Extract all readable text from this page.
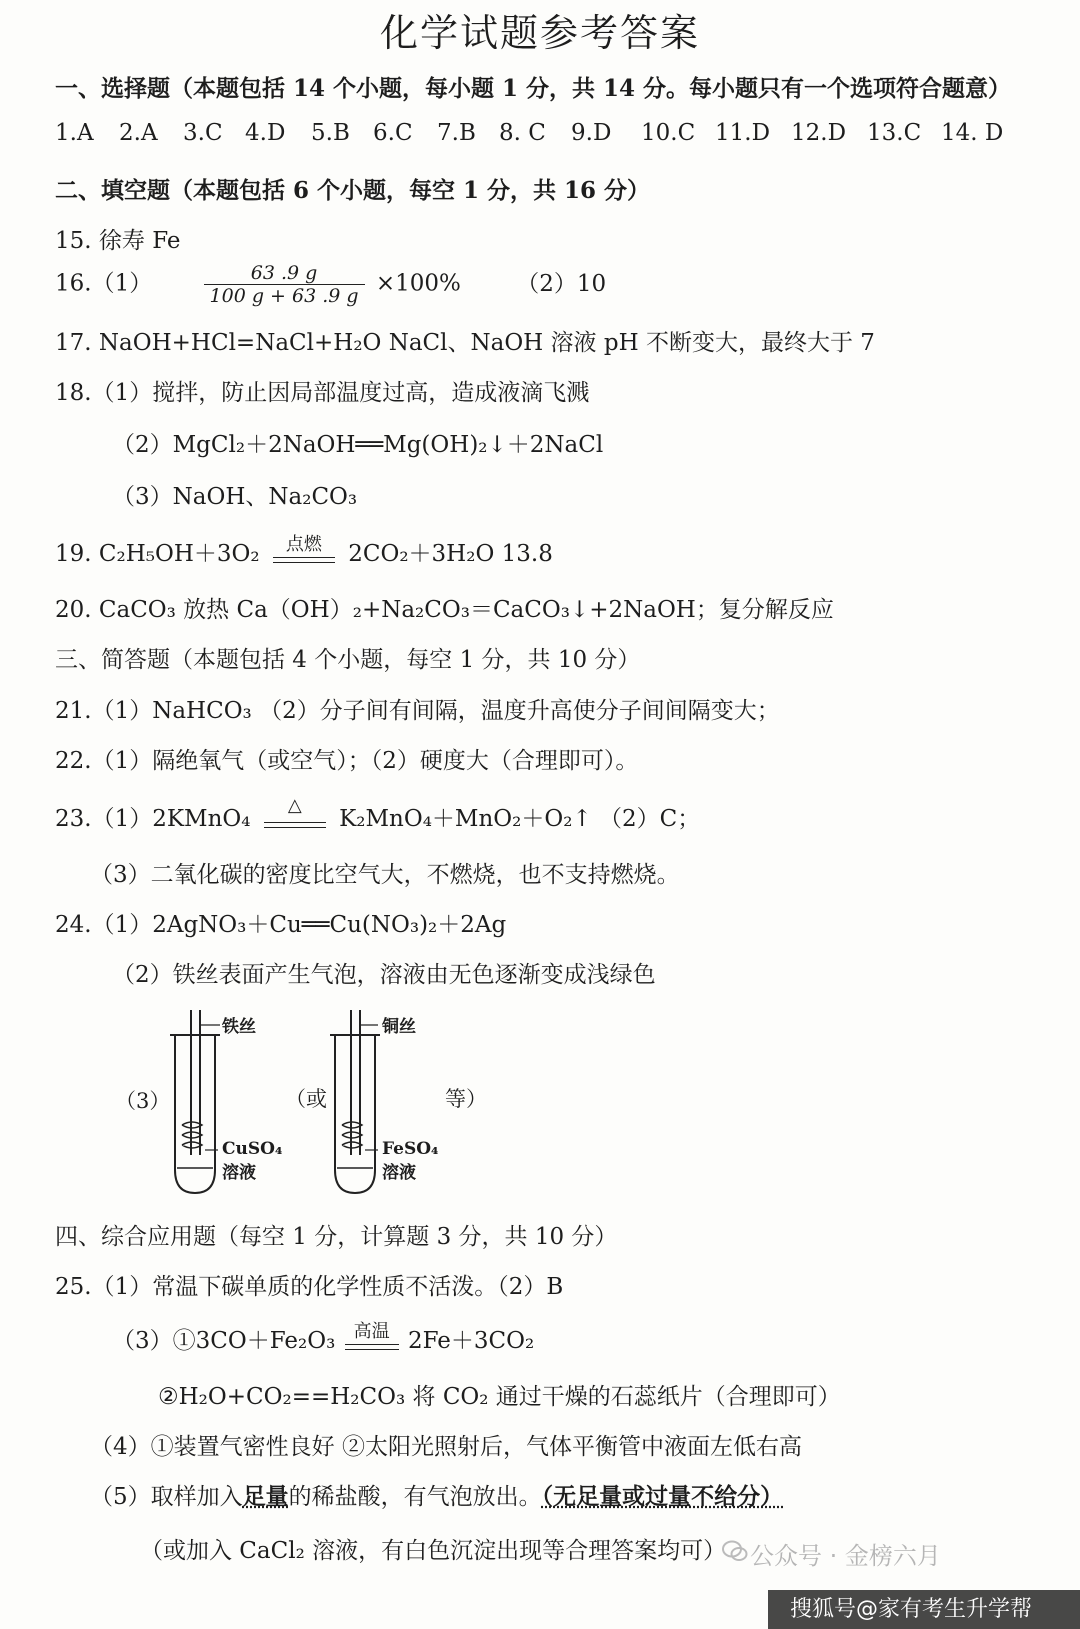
化学试题参考答案
一、选择题（本题包括 14 个小题，每小题 1 分，共 14 分。每小题只有一个选项符合题意）
1.A 2.A 3.C 4.D 5.B 6.C 7.B 8. C 9.D 10.C 11.D 12.D 13.C 14. D
二、填空题（本题包括 6 个小题，每空 1 分，共 16 分）
15. 徐寿 Fe
16.（1）	$\frac{63 .9 g}{100 g + 63 .9 g} \times 100\%$ （2）10
17. NaOH+HCl=NaCl+H₂O NaCl、NaOH 溶液 pH 不断变大，最终大于 7
18.（1）搅拌，防止因局部温度过高，造成液滴飞溅
（2）MgCl₂＋2NaOH══Mg(OH)₂↓＋2NaCl
（3）NaOH、Na₂CO₃
19. C₂H₅OH＋3O₂	点燃	2CO₂＋3H₂O 13.8
20. CaCO₃ 放热 Ca（OH）₂+Na₂CO₃＝CaCO₃↓+2NaOH；复分解反应
三、简答题（本题包括 4 个小题，每空 1 分，共 10 分）
21.（1）NaHCO₃ （2）分子间有间隔，温度升高使分子间间隔变大；
22.（1）隔绝氧气（或空气）；（2）硬度大（合理即可）。
23.（1）2KMnO₄
△
K₂MnO₄＋MnO₂＋O₂↑ （2）C；
（3）二氧化碳的密度比空气大，不燃烧，也不支持燃烧。
24.（1）2AgNO₃＋Cu══Cu(NO₃)₂＋2Ag
（2）铁丝表面产生气泡，溶液由无色逐渐变成浅绿色
（3）
铁丝
CuSO₄
溶液
（或
铜丝
FeSO₄
溶液
等）
四、综合应用题（每空 1 分，计算题 3 分，共 10 分）
25.（1）常温下碳单质的化学性质不活泼。（2）B
（3）①3CO＋Fe₂O₃	高温 2Fe＋3CO₂
②H₂O+CO₂==H₂CO₃ 将 CO₂ 通过干燥的石蕊纸片（合理即可）
（4）①装置气密性良好 ②太阳光照射后，气体平衡管中液面左低右高
（5）取样加入足量的稀盐酸，有气泡放出。（无足量或过量不给分）
（或加入 CaCl₂ 溶液，有白色沉淀出现等合理答案均可） 公众号 · 金榜六月
搜狐号@家有考生升学帮
